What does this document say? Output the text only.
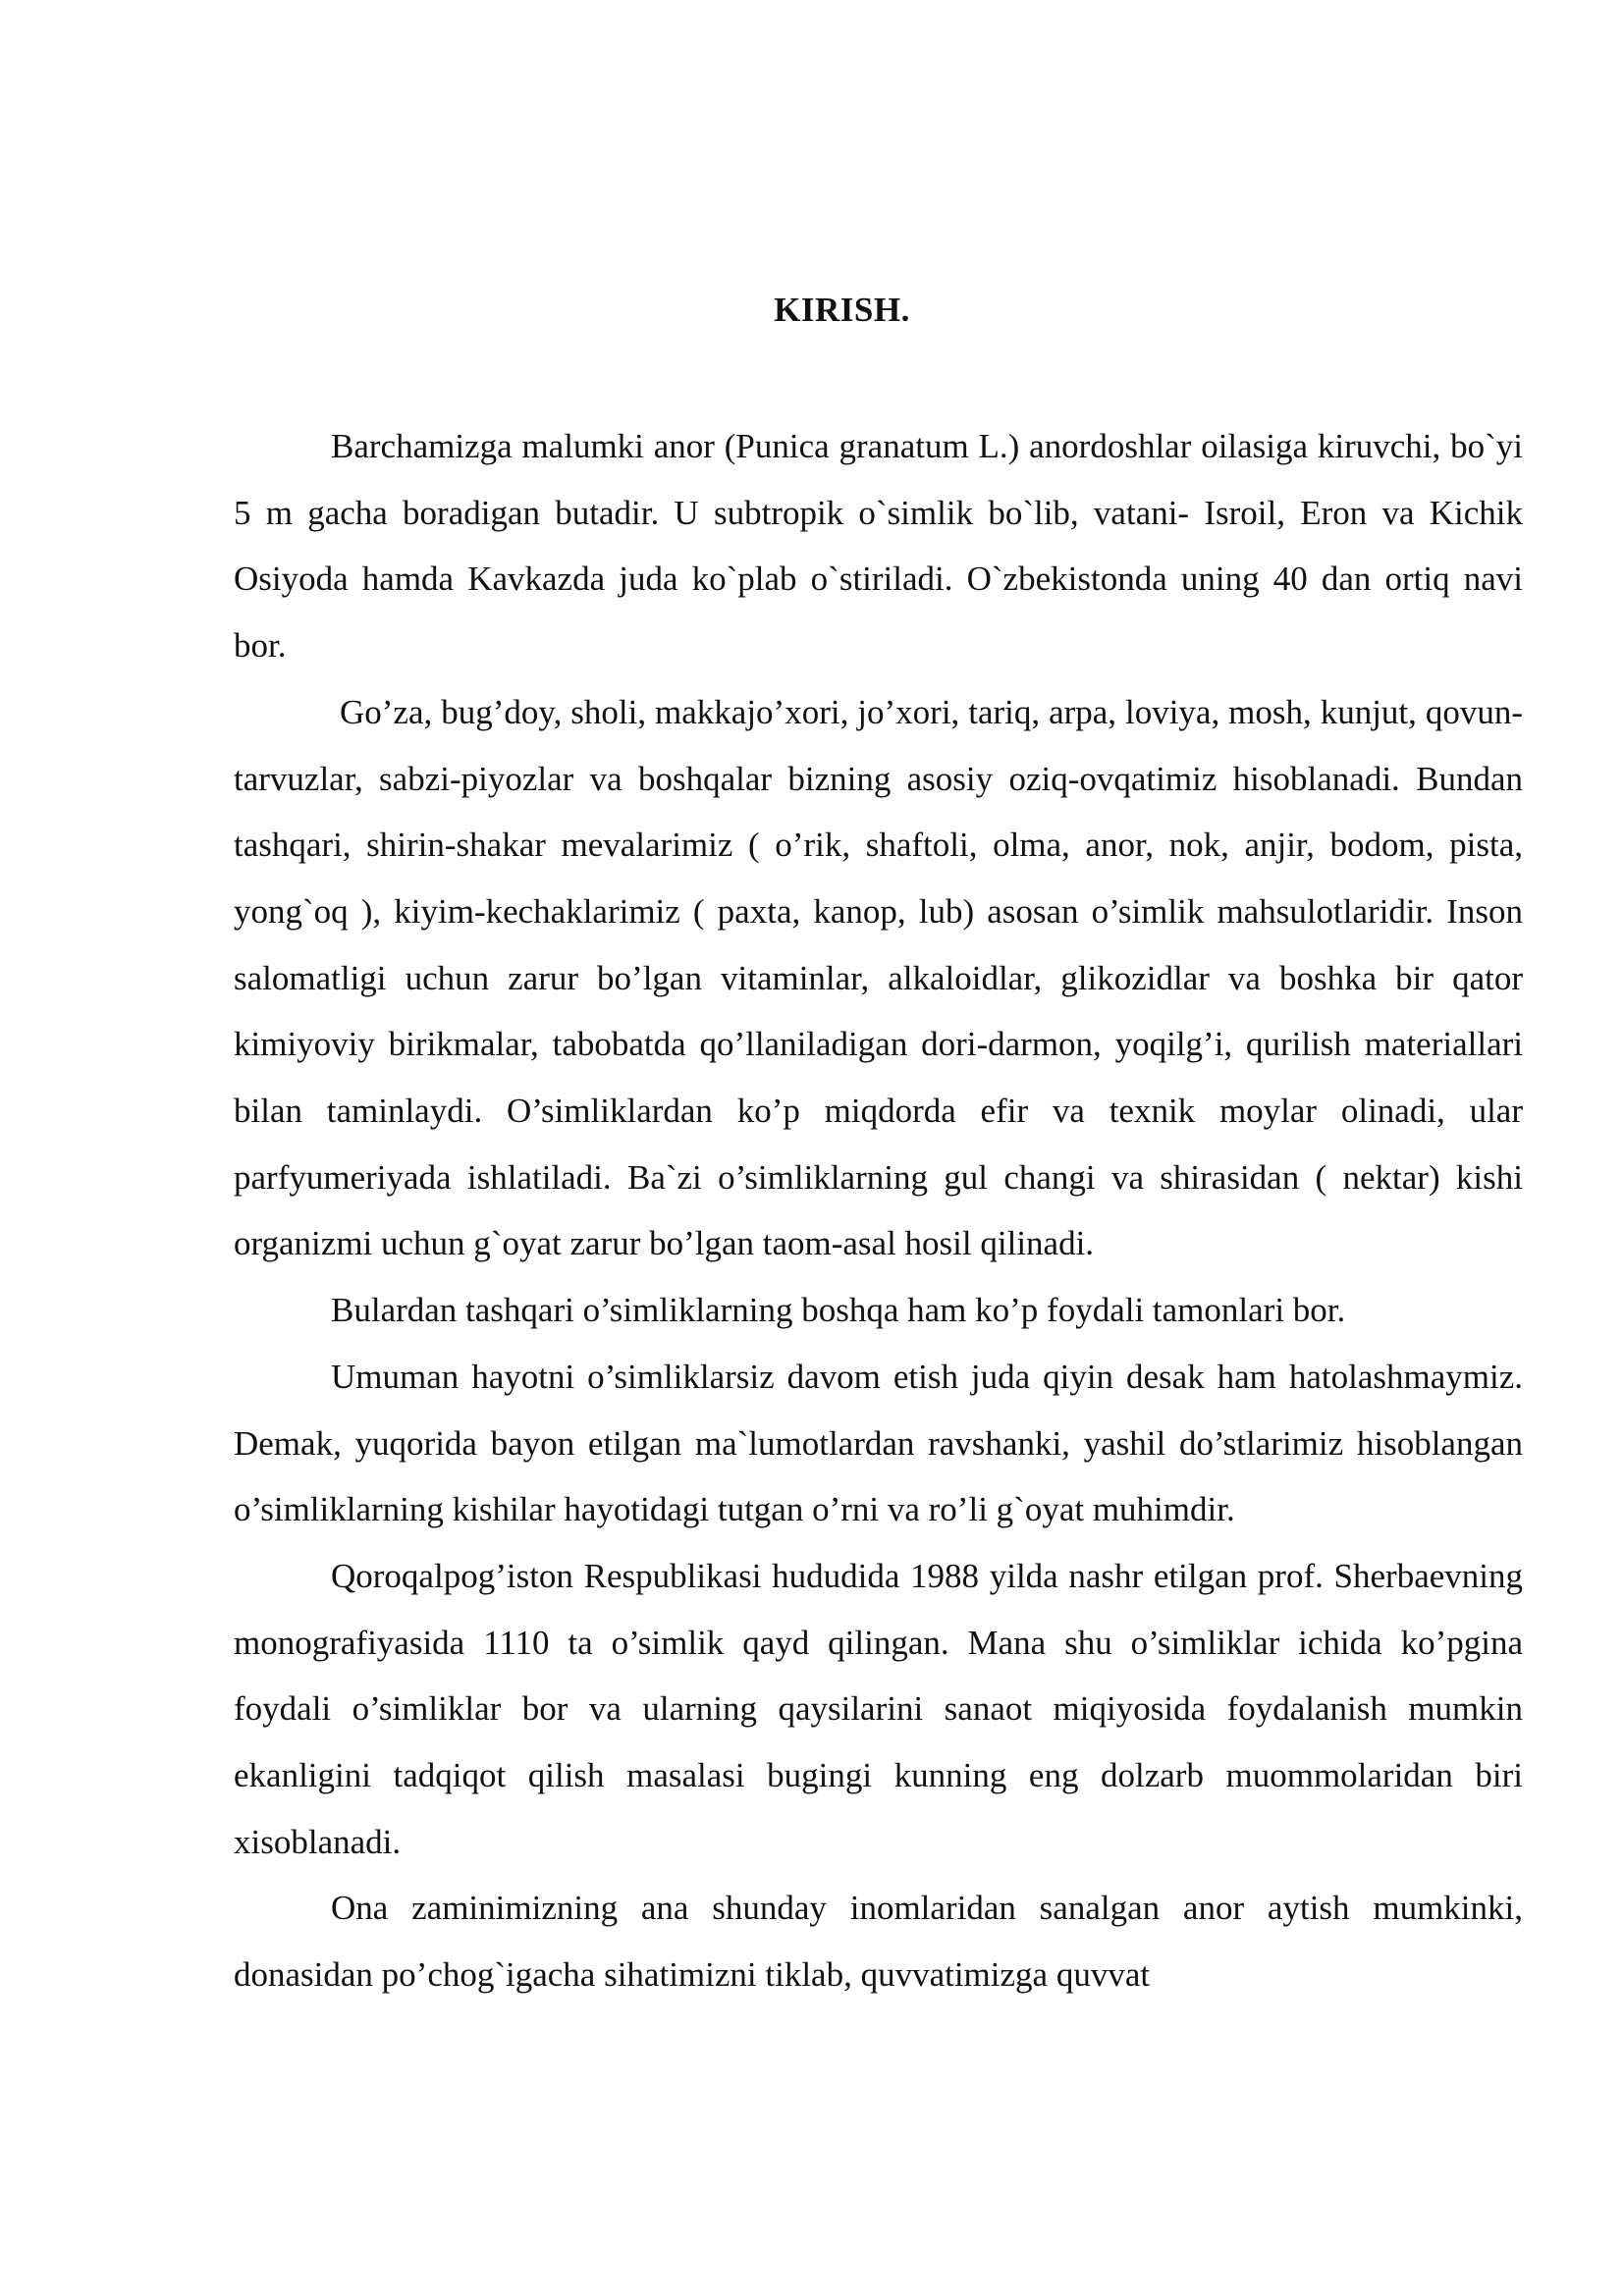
KIRISH.

Barchamizga malumki anor (Punica granatum L.) anordoshlar oilasiga kiruvchi, bo`yi 5 m gacha boradigan butadir. U subtropik o`simlik bo`lib, vatani- Isroil, Eron va Kichik Osiyoda hamda Kavkazda juda ko`plab o`stiriladi. O`zbekistonda uning 40 dan ortiq navi bor.

Go’za, bug’doy, sholi, makkajo’xori, jo’xori, tariq, arpa, loviya, mosh, kunjut, qovun-tarvuzlar, sabzi-piyozlar va boshqalar bizning asosiy oziq-ovqatimiz hisoblanadi. Bundan tashqari, shirin-shakar mevalarimiz ( o’rik, shaftoli, olma, anor, nok, anjir, bodom, pista, yong`oq ), kiyim-kechaklarimiz ( paxta, kanop, lub) asosan o’simlik mahsulotlaridir. Inson salomatligi uchun zarur bo’lgan vitaminlar, alkaloidlar, glikozidlar va boshka bir qator kimiyoviy birikmalar, tabobatda qo’llaniladigan dori-darmon, yoqilg’i, qurilish materiallari bilan taminlaydi. O’simliklardan ko’p miqdorda efir va texnik moylar olinadi, ular parfyumeriyada ishlatiladi. Ba`zi o’simliklarning gul changi va shirasidan ( nektar) kishi organizmi uchun g`oyat zarur bo’lgan taom-asal hosil qilinadi.

Bulardan tashqari o’simliklarning boshqa ham ko’p foydali tamonlari bor.

Umuman hayotni o’simliklarsiz davom etish juda qiyin desak ham hatolashmaymiz. Demak, yuqorida bayon etilgan ma`lumotlardan ravshanki, yashil do’stlarimiz hisoblangan o’simliklarning kishilar hayotidagi tutgan o’rni va ro’li g`oyat muhimdir.

Qoroqalpog’iston Respublikasi hududida 1988 yilda nashr etilgan prof. Sherbaevning monografiyasida 1110 ta o’simlik qayd qilingan. Mana shu o’simliklar ichida ko’pgina foydali o’simliklar bor va ularning qaysilarini sanaot miqiyosida foydalanish mumkin ekanligini tadqiqot qilish masalasi bugingi kunning eng dolzarb muommolaridan biri xisoblanadi.

Ona zaminimizning ana shunday inomlaridan sanalgan anor aytish mumkinki, donasidan po’chog`igacha sihatimizni tiklab, quvvatimizga quvvat
